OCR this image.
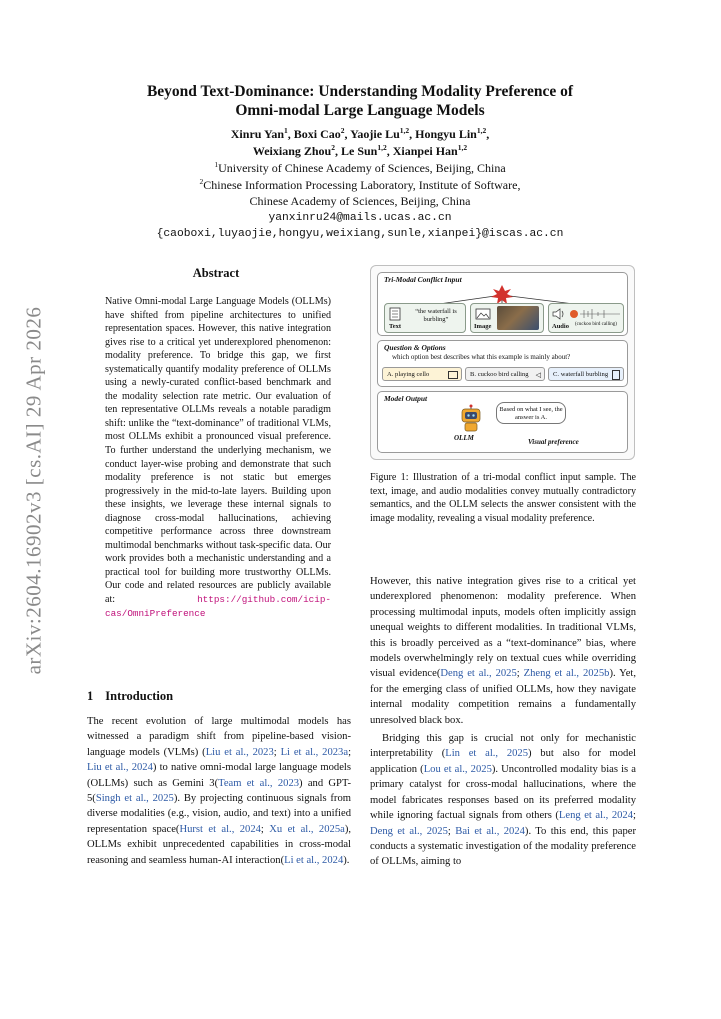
arXiv:2604.16902v3 [cs.AI] 29 Apr 2026
Beyond Text-Dominance: Understanding Modality Preference of
Omni-modal Large Language Models
Xinru Yan$^1$, Boxi Cao$^2$, Yaojie Lu$^{1,2}$, Hongyu Lin$^{1,2}$,
Weixiang Zhou$^2$, Le Sun$^{1,2}$, Xianpei Han$^{1,2}$
$^1$University of Chinese Academy of Sciences, Beijing, China
$^2$Chinese Information Processing Laboratory, Institute of Software,
Chinese Academy of Sciences, Beijing, China
yanxinru24@mails.ucas.ac.cn
{caoboxi,luyaojie,hongyu,weixiang,sunle,xianpei}@iscas.ac.cn
Abstract
Native Omni-modal Large Language Models (OLLMs) have shifted from pipeline architectures to unified representation spaces. However, this native integration gives rise to a critical yet underexplored phenomenon: modality preference. To bridge this gap, we first systematically quantify modality preference of OLLMs using a newly-curated conflict-based benchmark and the modality selection rate metric. Our evaluation of ten representative OLLMs reveals a notable paradigm shift: unlike the “text-dominance” of traditional VLMs, most OLLMs exhibit a pronounced visual preference. To further understand the underlying mechanism, we conduct layer-wise probing and demonstrate that such modality preference is not static but emerges progressively in the mid-to-late layers. Building upon these insights, we leverage these internal signals to diagnose cross-modal hallucinations, achieving competitive performance across three downstream multimodal benchmarks without task-specific data. Our work provides both a mechanistic understanding and a practical tool for building more trustworthy OLLMs. Our code and related resources are publicly available at: https://github.com/icip-cas/OmniPreference
1 Introduction

The recent evolution of large multimodal models has witnessed a paradigm shift from pipeline-based vision-language models (VLMs) (Liu et al., 2023; Li et al., 2023a; Liu et al., 2024) to native omni-modal large language models (OLLMs) such as Gemini 3(Team et al., 2023) and GPT-5(Singh et al., 2025). By projecting continuous signals from diverse modalities (e.g., vision, audio, and text) into a unified representation space(Hurst et al., 2024; Xu et al., 2025a), OLLMs exhibit unprecedented capabilities in cross-modal reasoning and seamless human-AI interaction(Li et al., 2024).

However, this native integration gives rise to a critical yet underexplored phenomenon: modality preference. When processing multimodal inputs, models often implicitly assign unequal weights to different modalities. In traditional VLMs, this is broadly perceived as a “text-dominance” bias, where models overwhelmingly rely on textual cues while overriding visual evidence(Deng et al., 2025; Zheng et al., 2025b). Yet, for the emerging class of unified OLLMs, how they navigate internal modality competition remains a fundamentally unresolved black box.

Bridging this gap is crucial not only for mechanistic interpretability (Lin et al., 2025) but also for model application (Lou et al., 2025). Uncontrolled modality bias is a primary catalyst for cross-modal hallucinations, where the model fabricates responses based on its preferred modality while ignoring factual signals from others (Leng et al., 2024; Deng et al., 2025; Bai et al., 2024). To this end, this paper conducts a systematic investigation of the modality preference of OLLMs, aiming to

Tri-Modal Conflict Input
“the waterfall is burbling”
Text	Image	Audio (cuckoo bird calling)
Question & Options
which option best describes what this example is mainly about?
A. playing cello	B. cuckoo bird calling ◁	C. waterfall burbling
Model Output
OLLM
Based on what I see, the answer is A.
Visual preference
Figure 1: Illustration of a tri-modal conflict input sample. The text, image, and audio modalities convey mutually contradictory semantics, and the OLLM selects the answer consistent with the image modality, revealing a visual modality preference.
